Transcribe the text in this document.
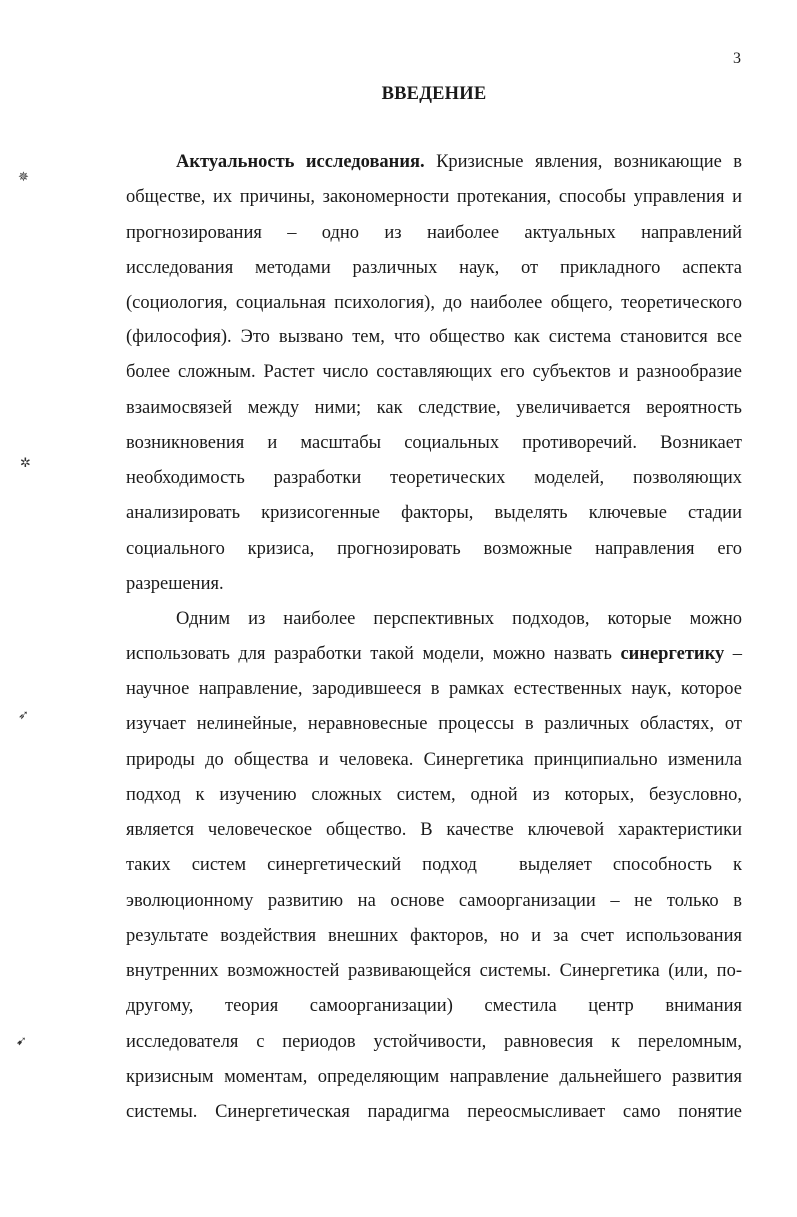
3
ВВЕДЕНИЕ
✵
✲
➶
➹
Актуальность исследования. Кризисные явления, возникающие в
обществе, их причины, закономерности протекания, способы управления и
прогнозирования – одно из наиболее актуальных направлений
исследования методами различных наук, от прикладного аспекта
(социология, социальная психология), до наиболее общего, теоретического
(философия). Это вызвано тем, что общество как система становится все
более сложным. Растет число составляющих его субъектов и разнообразие
взаимосвязей между ними; как следствие, увеличивается вероятность
возникновения и масштабы социальных противоречий. Возникает
необходимость разработки теоретических моделей, позволяющих
анализировать кризисогенные факторы, выделять ключевые стадии
социального кризиса, прогнозировать возможные направления его
разрешения.
Одним из наиболее перспективных подходов, которые можно
использовать для разработки такой модели, можно назвать синергетику –
научное направление, зародившееся в рамках естественных наук, которое
изучает нелинейные, неравновесные процессы в различных областях, от
природы до общества и человека. Синергетика принципиально изменила
подход к изучению сложных систем, одной из которых, безусловно,
является человеческое общество. В качестве ключевой характеристики
таких систем синергетический подход  выделяет способность к
эволюционному развитию на основе самоорганизации – не только в
результате воздействия внешних факторов, но и за счет использования
внутренних возможностей развивающейся системы. Синергетика (или, по-
другому, теория самоорганизации) сместила центр внимания
исследователя с периодов устойчивости, равновесия к переломным,
кризисным моментам, определяющим направление дальнейшего развития
системы. Синергетическая парадигма переосмысливает само понятие
